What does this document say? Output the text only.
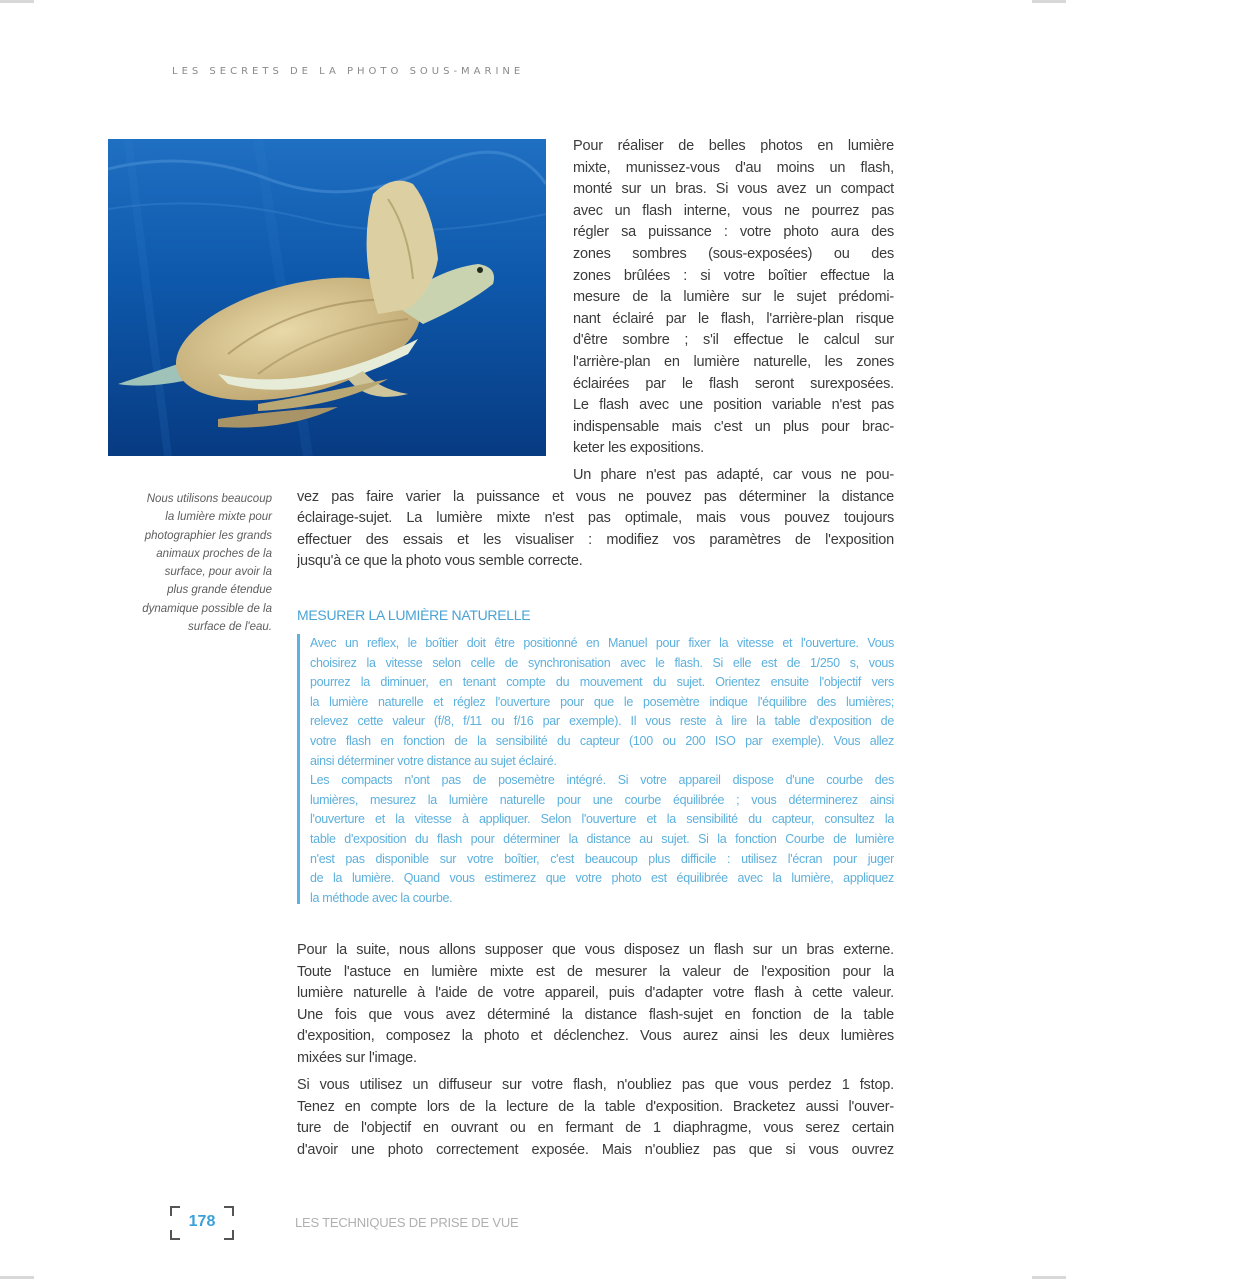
LES SECRETS DE LA PHOTO SOUS-MARINE
Nous utilisons beaucoup
la lumière mixte pour
photographier les grands
animaux proches de la
surface, pour avoir la
plus grande étendue
dynamique possible de la
surface de l'eau.
Pour réaliser de belles photos en lumière
mixte, munissez-vous d'au moins un flash,
monté sur un bras. Si vous avez un compact
avec un flash interne, vous ne pourrez pas
régler sa puissance : votre photo aura des
zones sombres (sous-exposées) ou des
zones brûlées : si votre boîtier effectue la
mesure de la lumière sur le sujet prédomi-
nant éclairé par le flash, l'arrière-plan risque
d'être sombre ; s'il effectue le calcul sur
l'arrière-plan en lumière naturelle, les zones
éclairées par le flash seront surexposées.
Le flash avec une position variable n'est pas
indispensable mais c'est un plus pour brac-
keter les expositions.
Un phare n'est pas adapté, car vous ne pou-
vez pas faire varier la puissance et vous ne pouvez pas déterminer la distance
éclairage-sujet. La lumière mixte n'est pas optimale, mais vous pouvez toujours
effectuer des essais et les visualiser : modifiez vos paramètres de l'exposition
jusqu'à ce que la photo vous semble correcte.
MESURER LA LUMIÈRE NATURELLE
Avec un reflex, le boîtier doit être positionné en Manuel pour fixer la vitesse et l'ouverture. Vous
choisirez la vitesse selon celle de synchronisation avec le flash. Si elle est de 1/250 s, vous
pourrez la diminuer, en tenant compte du mouvement du sujet. Orientez ensuite l'objectif vers
la lumière naturelle et réglez l'ouverture pour que le posemètre indique l'équilibre des lumières;
relevez cette valeur (f/8, f/11 ou f/16 par exemple). Il vous reste à lire la table d'exposition de
votre flash en fonction de la sensibilité du capteur (100 ou 200 ISO par exemple). Vous allez
ainsi déterminer votre distance au sujet éclairé.
Les compacts n'ont pas de posemètre intégré. Si votre appareil dispose d'une courbe des
lumières, mesurez la lumière naturelle pour une courbe équilibrée ; vous déterminerez ainsi
l'ouverture et la vitesse à appliquer. Selon l'ouverture et la sensibilité du capteur, consultez la
table d'exposition du flash pour déterminer la distance au sujet. Si la fonction Courbe de lumière
n'est pas disponible sur votre boîtier, c'est beaucoup plus difficile : utilisez l'écran pour juger
de la lumière. Quand vous estimerez que votre photo est équilibrée avec la lumière, appliquez
la méthode avec la courbe.
Pour la suite, nous allons supposer que vous disposez un flash sur un bras externe.
Toute l'astuce en lumière mixte est de mesurer la valeur de l'exposition pour la
lumière naturelle à l'aide de votre appareil, puis d'adapter votre flash à cette valeur.
Une fois que vous avez déterminé la distance flash-sujet en fonction de la table
d'exposition, composez la photo et déclenchez. Vous aurez ainsi les deux lumières
mixées sur l'image.
Si vous utilisez un diffuseur sur votre flash, n'oubliez pas que vous perdez 1 fstop.
Tenez en compte lors de la lecture de la table d'exposition. Bracketez aussi l'ouver-
ture de l'objectif en ouvrant ou en fermant de 1 diaphragme, vous serez certain
d'avoir une photo correctement exposée. Mais n'oubliez pas que si vous ouvrez
178	LES TECHNIQUES DE PRISE DE VUE
